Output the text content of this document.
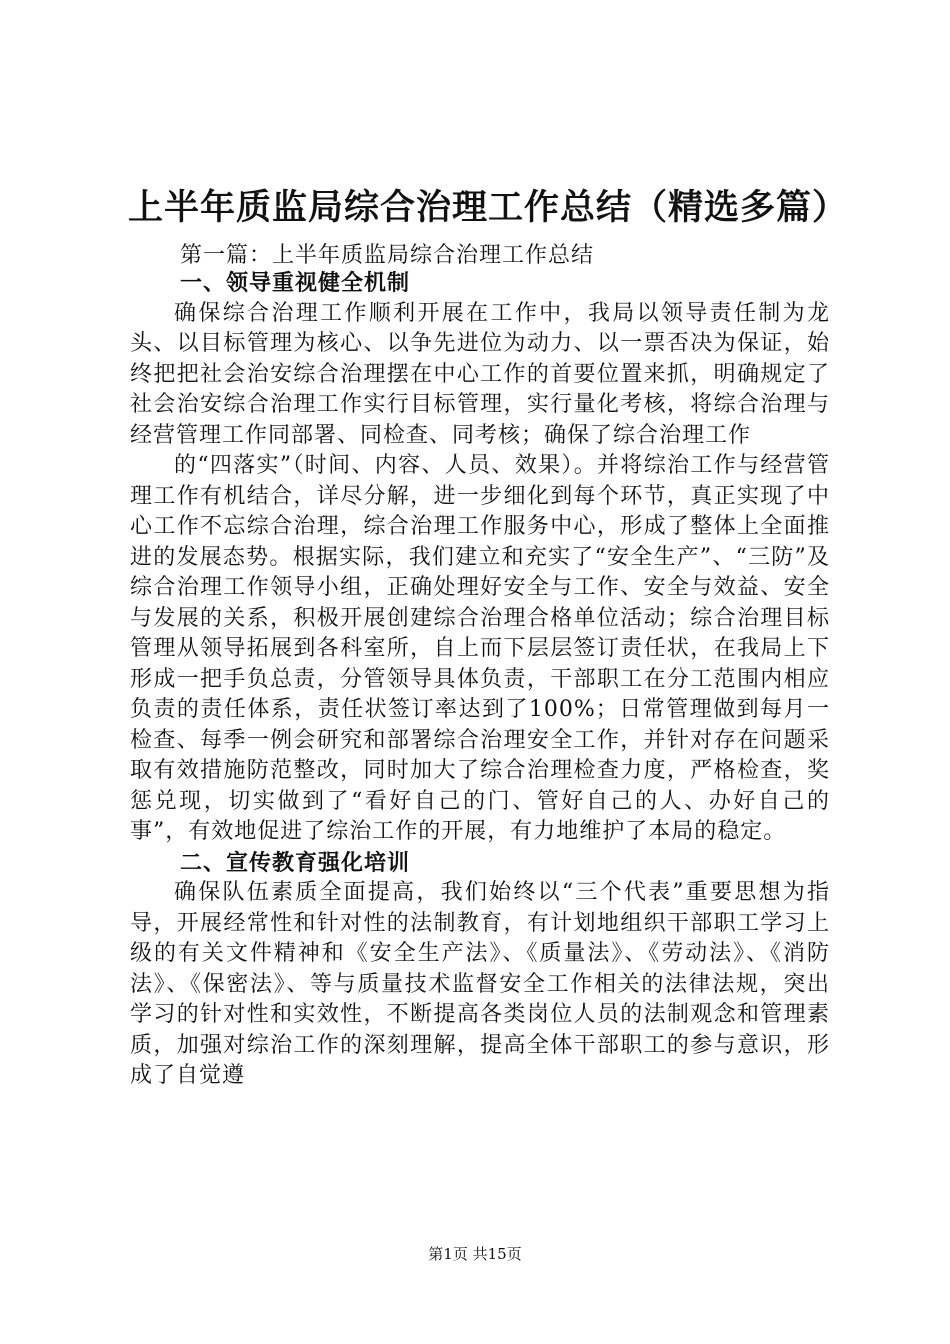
上半年质监局综合治理工作总结（精选多篇）
第一篇：上半年质监局综合治理工作总结

一、领导重视健全机制

确保综合治理工作顺利开展在工作中，我局以领导责任制为龙头、以目标管理为核心、以争先进位为动力、以一票否决为保证，始终把把社会治安综合治理摆在中心工作的首要位置来抓，明确规定了社会治安综合治理工作实行目标管理，实行量化考核，将综合治理与经营管理工作同部署、同检查、同考核；确保了综合治理工作

的“四落实”（时间、内容、人员、效果）。并将综治工作与经营管理工作有机结合，详尽分解，进一步细化到每个环节，真正实现了中心工作不忘综合治理，综合治理工作服务中心，形成了整体上全面推进的发展态势。根据实际，我们建立和充实了“安全生产”、“三防”及综合治理工作领导小组，正确处理好安全与工作、安全与效益、安全与发展的关系，积极开展创建综合治理合格单位活动；综合治理目标管理从领导拓展到各科室所，自上而下层层签订责任状，在我局上下形成一把手负总责，分管领导具体负责，干部职工在分工范围内相应负责的责任体系，责任状签订率达到了100%；日常管理做到每月一检查、每季一例会研究和部署综合治理安全工作，并针对存在问题采取有效措施防范整改，同时加大了综合治理检查力度，严格检查，奖惩兑现，切实做到了“看好自己的门、管好自己的人、办好自己的事”，有效地促进了综治工作的开展，有力地维护了本局的稳定。

二、宣传教育强化培训

确保队伍素质全面提高，我们始终以“三个代表”重要思想为指导，开展经常性和针对性的法制教育，有计划地组织干部职工学习上级的有关文件精神和《安全生产法》、《质量法》、《劳动法》、《消防法》、《保密法》、等与质量技术监督安全工作相关的法律法规，突出学习的针对性和实效性，不断提高各类岗位人员的法制观念和管理素质，加强对综治工作的深刻理解，提高全体干部职工的参与意识，形成了自觉遵

第1页 共15页
